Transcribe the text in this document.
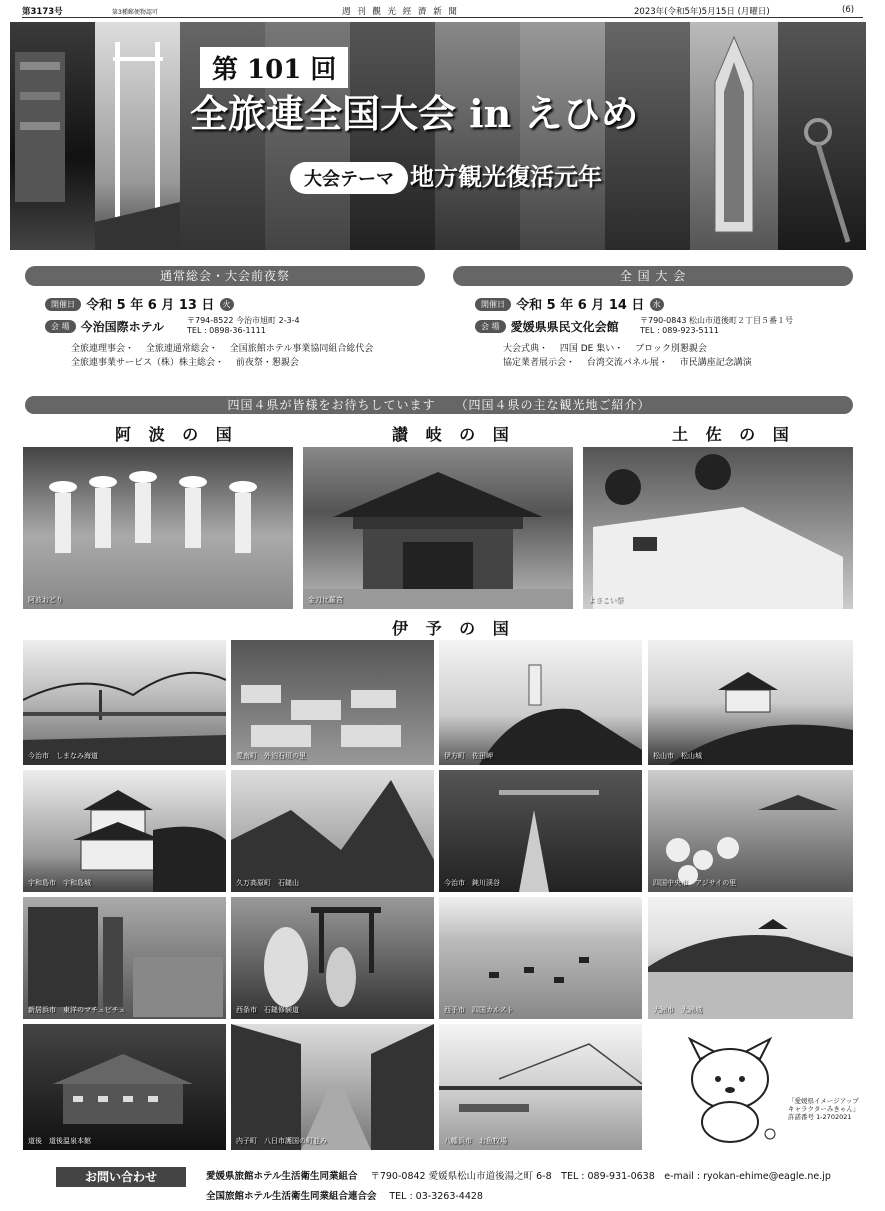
第3173号	第3種郵便物認可	週 刊 觀 光 經 濟 新 聞	2023年(令和5年)5月15日 (月曜日)	(6)
第 101 回
全旅連全国大会 in えひめ
大会テーマ 地方観光復活元年
通常総会・大会前夜祭
開催日 令和 5 年 6 月 13 日 火
会 場 今治国際ホテル	〒794-8522 今治市旭町 2-3-4
TEL : 0898-36-1111
全旅連理事会・　 全旅連通常総会・　 全国旅館ホテル事業協同組合総代会
全旅連事業サービス（株）株主総会・　 前夜祭・懇親会
全 国 大 会
開催日 令和 5 年 6 月 14 日 水
会 場 愛媛県県民文化会館	〒790-0843 松山市道後町２丁目５番１号
TEL : 089-923-5111
大会式典・　 四国 DE 集い・　 ブロック別懇親会
協定業者展示会・　 台湾交流パネル展・　 市民講座記念講演
四国４県が皆様をお待ちしています　　（四国４県の主な観光地ご紹介）
阿 波 の 国	讃 岐 の 国	土 佐 の 国
阿波おどり	金刀比羅宮	よさこい祭
伊 予 の 国
今治市　しまなみ海道	愛南町　外泊石垣の里	伊方町　佐田岬	松山市　松山城
宇和島市　宇和島城	久万高原町　石鎚山	今治市　鈍川渓谷	四国中央市　アジサイの里
新居浜市　東洋のマチュピチュ	西条市　石鎚修験道	西予市　四国カルスト	大洲市　大洲城
道後　道後温泉本館	内子町　八日市護国の町並み	八幡浜市　お魚牧場
「愛媛県イメージアップ
キャラクターみきゃん」
許諾番号 1-2702021
お問い合わせ	愛媛県旅館ホテル生活衛生同業組合　 〒790-0842 愛媛県松山市道後湯之町 6-8　TEL : 089-931-0638　e-mail : ryokan-ehime@eagle.ne.jp
全国旅館ホテル生活衛生同業組合連合会　 TEL : 03-3263-4428
